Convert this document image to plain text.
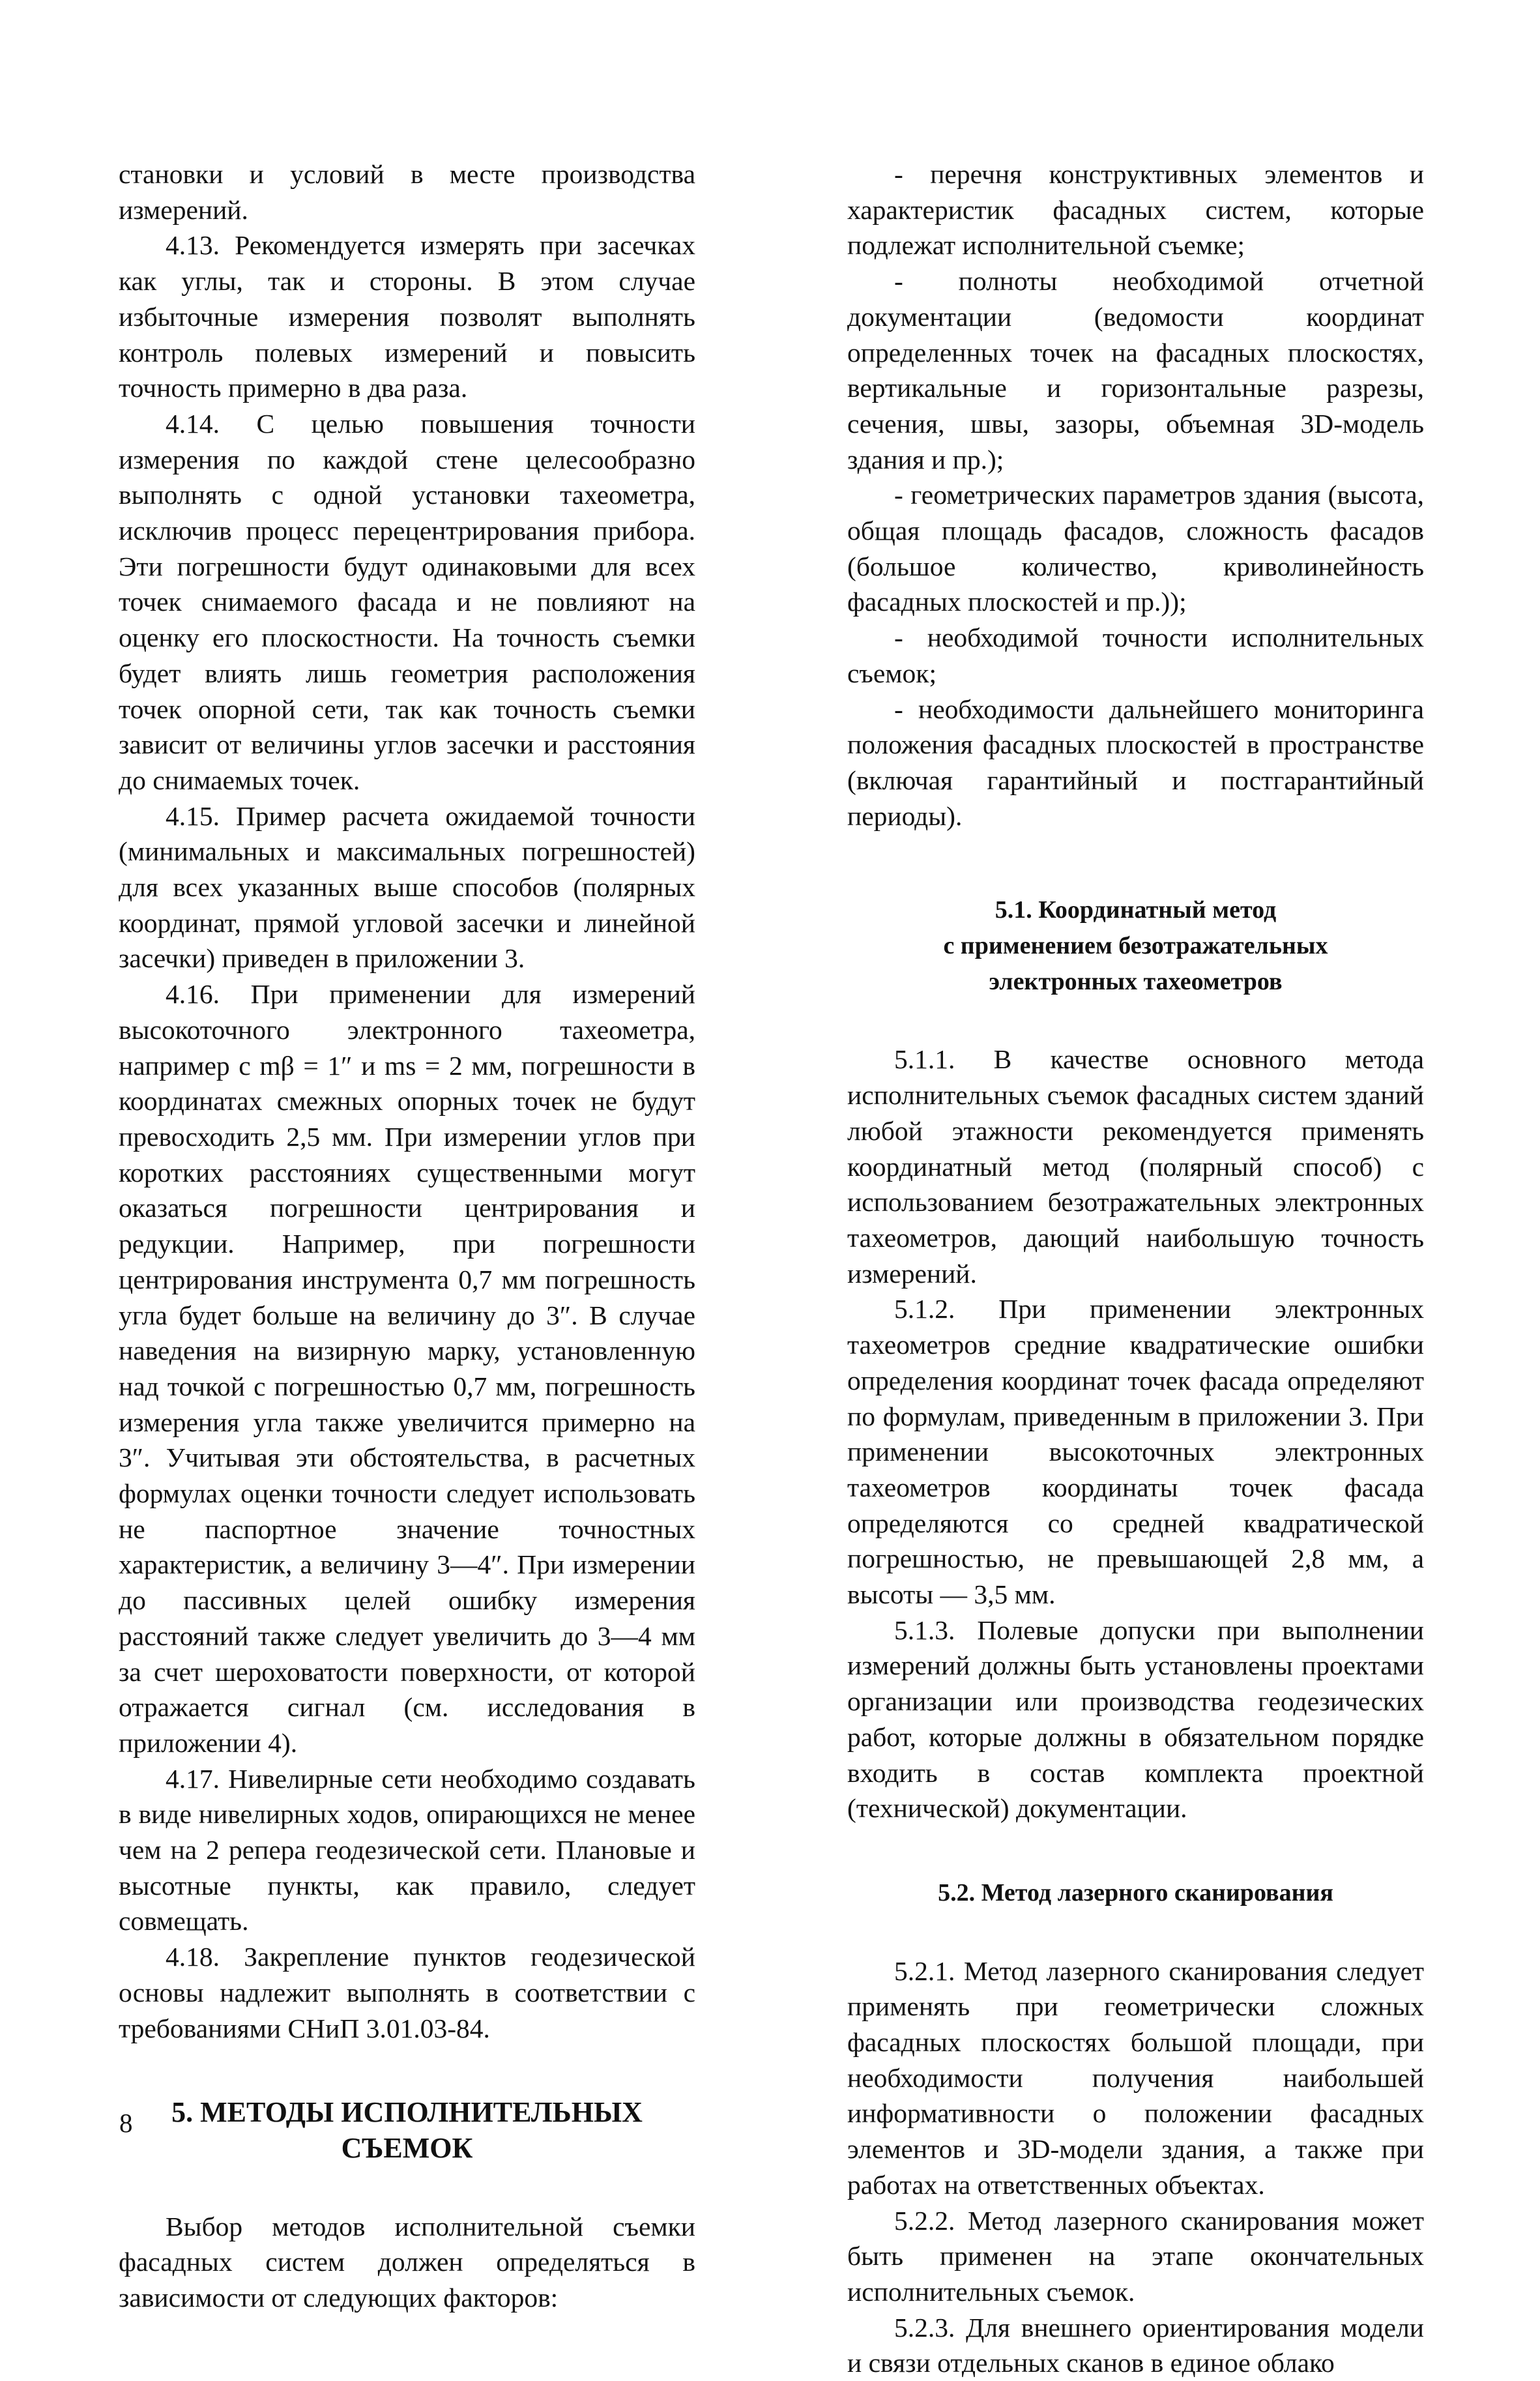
становки и условий в месте производства измерений.

4.13. Рекомендуется измерять при засечках как углы, так и стороны. В этом случае избыточные измерения позволят выполнять контроль полевых измерений и повысить точность примерно в два раза.

4.14. С целью повышения точности измерения по каждой стене целесообразно выполнять с одной установки тахеометра, исключив процесс перецентрирования прибора. Эти погрешности будут одинаковыми для всех точек снимаемого фасада и не повлияют на оценку его плоскостности. На точность съемки будет влиять лишь геометрия расположения точек опорной сети, так как точность съемки зависит от величины углов засечки и расстояния до снимаемых точек.

4.15. Пример расчета ожидаемой точности (минимальных и максимальных погрешностей) для всех указанных выше способов (полярных координат, прямой угловой засечки и линейной засечки) приведен в приложении 3.

4.16. При применении для измерений высокоточного электронного тахеометра, например с mβ = 1″ и ms = 2 мм, погрешности в координатах смежных опорных точек не будут превосходить 2,5 мм. При измерении углов при коротких расстояниях существенными могут оказаться погрешности центрирования и редукции. Например, при погрешности центрирования инструмента 0,7 мм погрешность угла будет больше на величину до 3″. В случае наведения на визирную марку, установленную над точкой с погрешностью 0,7 мм, погрешность измерения угла также увеличится примерно на 3″. Учитывая эти обстоятельства, в расчетных формулах оценки точности следует использовать не паспортное значение точностных характеристик, а величину 3—4″. При измерении до пассивных целей ошибку измерения расстояний также следует увеличить до 3—4 мм за счет шероховатости поверхности, от которой отражается сигнал (см. исследования в приложении 4).

4.17. Нивелирные сети необходимо создавать в виде нивелирных ходов, опирающихся не менее чем на 2 репера геодезической сети. Плановые и высотные пункты, как правило, следует совмещать.

4.18. Закрепление пунктов геодезической основы надлежит выполнять в соответствии с требованиями СНиП 3.01.03-84.

5. МЕТОДЫ ИСПОЛНИТЕЛЬНЫХ СЪЕМОК

Выбор методов исполнительной съемки фасадных систем должен определяться в зависимости от следующих факторов:

- перечня конструктивных элементов и характеристик фасадных систем, которые подлежат исполнительной съемке;

- полноты необходимой отчетной документации (ведомости координат определенных точек на фасадных плоскостях, вертикальные и горизонтальные разрезы, сечения, швы, зазоры, объемная 3D-модель здания и пр.);

- геометрических параметров здания (высота, общая площадь фасадов, сложность фасадов (большое количество, криволинейность фасадных плоскостей и пр.));

- необходимой точности исполнительных съемок;

- необходимости дальнейшего мониторинга положения фасадных плоскостей в пространстве (включая гарантийный и постгарантийный периоды).

5.1. Координатный метод
с применением безотражательных
электронных тахеометров

5.1.1. В качестве основного метода исполнительных съемок фасадных систем зданий любой этажности рекомендуется применять координатный метод (полярный способ) с использованием безотражательных электронных тахеометров, дающий наибольшую точность измерений.

5.1.2. При применении электронных тахеометров средние квадратические ошибки определения координат точек фасада определяют по формулам, приведенным в приложении 3. При применении высокоточных электронных тахеометров координаты точек фасада определяются со средней квадратической погрешностью, не превышающей 2,8 мм, а высоты — 3,5 мм.

5.1.3. Полевые допуски при выполнении измерений должны быть установлены проектами организации или производства геодезических работ, которые должны в обязательном порядке входить в состав комплекта проектной (технической) документации.

5.2. Метод лазерного сканирования

5.2.1. Метод лазерного сканирования следует применять при геометрически сложных фасадных плоскостях большой площади, при необходимости получения наибольшей информативности о положении фасадных элементов и 3D-модели здания, а также при работах на ответственных объектах.

5.2.2. Метод лазерного сканирования может быть применен на этапе окончательных исполнительных съемок.

5.2.3. Для внешнего ориентирования модели и связи отдельных сканов в единое облако

8
